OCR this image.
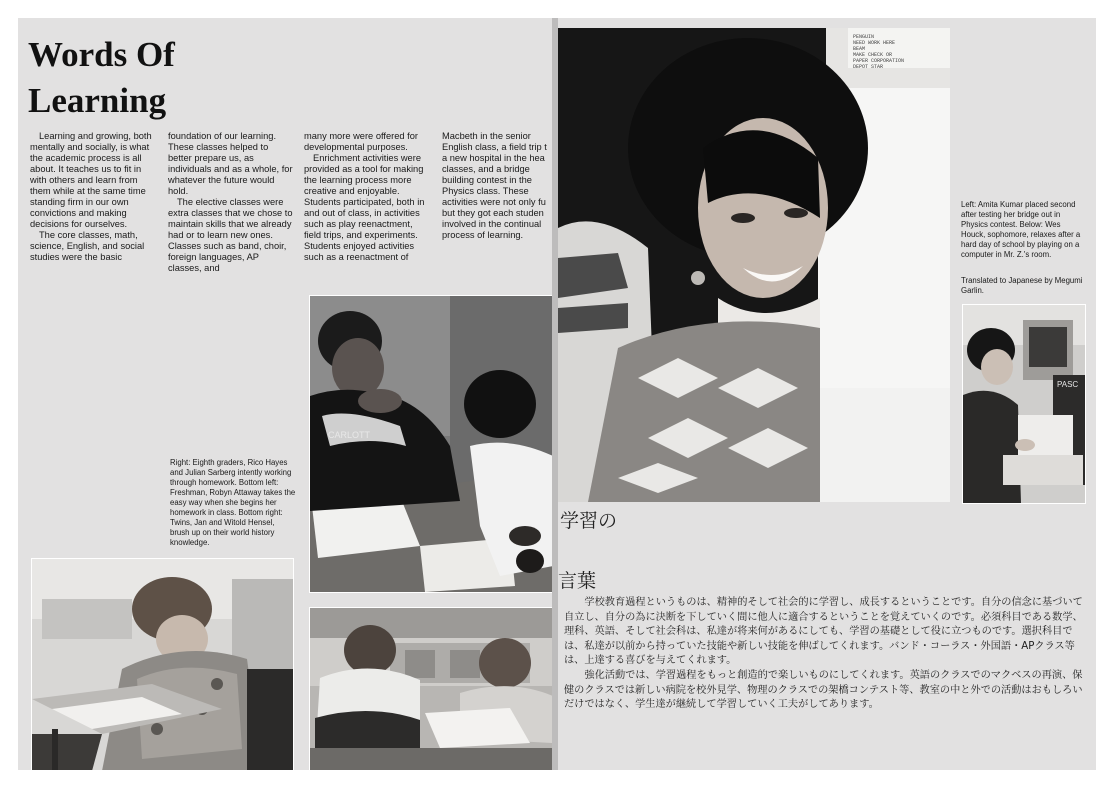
Words Of
Learning

Learning and growing, both mentally and socially, is what the academic process is all about. It teaches us to fit in with others and learn from them while at the same time standing firm in our own convictions and making decisions for ourselves.

The core classes, math, science, English, and social studies were the basic

foundation of our learning. These classes helped to better prepare us, as individuals and as a whole, for whatever the future would hold.

The elective classes were extra classes that we chose to maintain skills that we already had or to learn new ones. Classes such as band, choir, foreign languages, AP classes, and

many more were offered for developmental purposes.

Enrichment activities were provided as a tool for making the learning process more creative and enjoyable. Students participated, both in and out of class, in activities such as play reenactment, field trips, and experiments. Students enjoyed activities such as a reenactment of

Macbeth in the senior
English class, a field trip t
a new hospital in the hea
classes, and a bridge
building contest in the
Physics class. These
activities were not only fu
but they got each studen
involved in the continual
process of learning.
Right: Eighth graders, Rico Hayes and Julian Sarberg intently working through homework. Bottom left: Freshman, Robyn Attaway takes the easy way when she begins her homework in class. Bottom right: Twins, Jan and Witold Hensel, brush up on their world history knowledge.
CARLOTT
PENGUIN NEED WORK HERE BEAM MAKE CHECK OR PAPER CORPORATION DEPOT STAR
PASC
Left: Amita Kumar placed second after testing her bridge out in Physics contest. Below: Wes Houck, sophomore, relaxes after a hard day of school by playing on a computer in Mr. Z.'s room.
Translated to Japanese by Megumi Garlin.
学習の
言葉

学校教育過程というものは、精神的そして社会的に学習し、成長するということです。自分の信念に基づいて自立し、自分の為に決断を下していく間に他人に適合するということを覚えていくのです。必須科目である数学、理科、英語、そして社会科は、私達が将来何があるにしても、学習の基礎として役に立つものです。選択科目では、私達が以前から持っていた技能や新しい技能を伸ばしてくれます。バンド・コーラス・外国語・APクラス等は、上達する喜びを与えてくれます。

強化活動では、学習過程をもっと創造的で楽しいものにしてくれます。英語のクラスでのマクベスの再演、保健のクラスでは新しい病院を校外見学、物理のクラスでの架橋コンテスト等、教室の中と外での活動はおもしろいだけではなく、学生達が継続して学習していく工夫がしてあります。
